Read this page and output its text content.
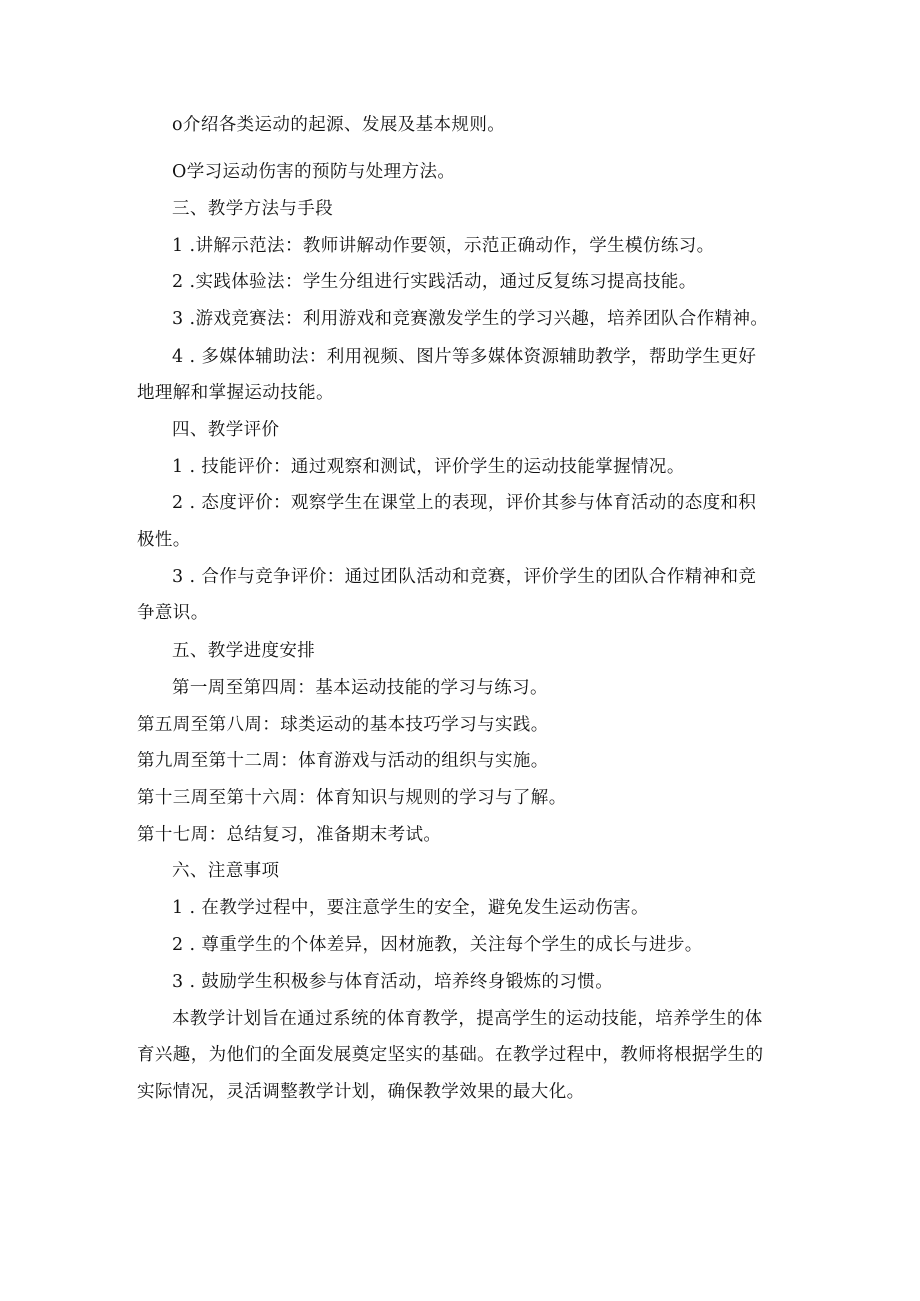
o介绍各类运动的起源、发展及基本规则。
O学习运动伤害的预防与处理方法。
三、教学方法与手段
1 .讲解示范法：教师讲解动作要领，示范正确动作，学生模仿练习。
2 .实践体验法：学生分组进行实践活动，通过反复练习提高技能。
3 .游戏竞赛法：利用游戏和竞赛激发学生的学习兴趣，培养团队合作精神。
4 . 多媒体辅助法：利用视频、图片等多媒体资源辅助教学，帮助学生更好
地理解和掌握运动技能。
四、教学评价
1 . 技能评价：通过观察和测试，评价学生的运动技能掌握情况。
2 . 态度评价：观察学生在课堂上的表现，评价其参与体育活动的态度和积
极性。
3 . 合作与竞争评价：通过团队活动和竞赛，评价学生的团队合作精神和竞
争意识。
五、教学进度安排
第一周至第四周：基本运动技能的学习与练习。
第五周至第八周：球类运动的基本技巧学习与实践。
第九周至第十二周：体育游戏与活动的组织与实施。
第十三周至第十六周：体育知识与规则的学习与了解。
第十七周：总结复习，准备期末考试。
六、注意事项
1 . 在教学过程中，要注意学生的安全，避免发生运动伤害。
2 . 尊重学生的个体差异，因材施教，关注每个学生的成长与进步。
3 . 鼓励学生积极参与体育活动，培养终身锻炼的习惯。
本教学计划旨在通过系统的体育教学，提高学生的运动技能，培养学生的体
育兴趣，为他们的全面发展奠定坚实的基础。在教学过程中，教师将根据学生的
实际情况，灵活调整教学计划，确保教学效果的最大化。
